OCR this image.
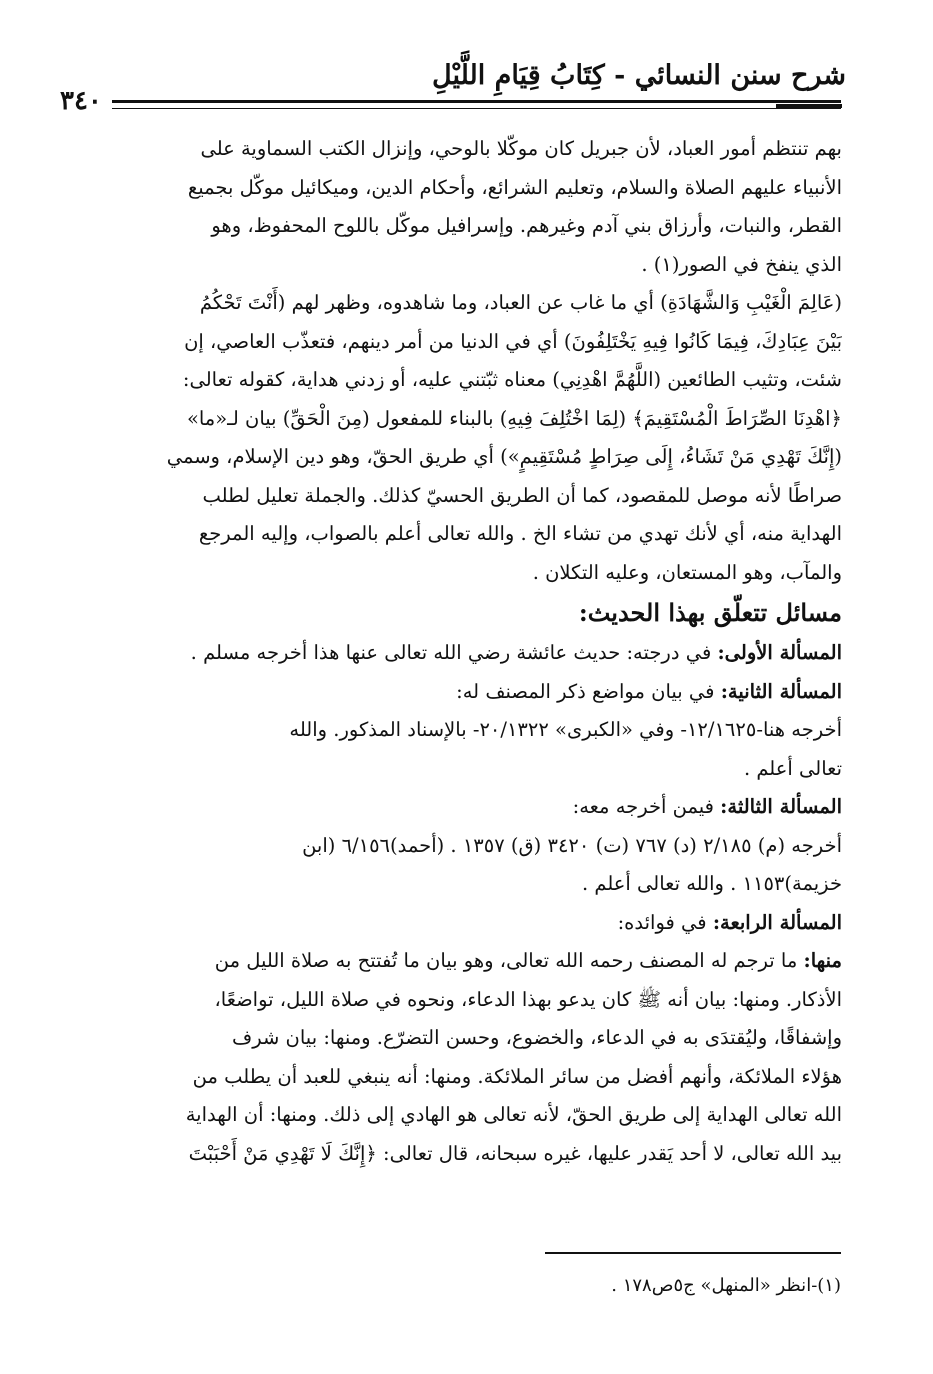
شرح سنن النسائي - كِتَابُ قِيَامِ اللَّيْلِ
٣٤٠
بهم تنتظم أمور العباد، لأن جبريل كان موكّلا بالوحي، وإنزال الكتب السماوية على
الأنبياء عليهم الصلاة والسلام، وتعليم الشرائع، وأحكام الدين، وميكائيل موكّل بجميع
القطر، والنبات، وأرزاق بني آدم وغيرهم. وإسرافيل موكّل باللوح المحفوظ، وهو
الذي ينفخ في الصور(١) .
(عَالِمَ الْغَيْبِ وَالشَّهَادَةِ) أي ما غاب عن العباد، وما شاهدوه، وظهر لهم (أَنْتَ تَحْكُمُ
بَيْنَ عِبَادِكَ، فِيمَا كَانُوا فِيهِ يَخْتَلِفُونَ) أي في الدنيا من أمر دينهم، فتعذّب العاصي، إن
شئت، وتثيب الطائعين (اللَّهُمَّ اهْدِنِي) معناه ثبّتني عليه، أو زدني هداية، كقوله تعالى:
﴿اهْدِنَا الصِّرَاطَ الْمُسْتَقِيمَ﴾ (لِمَا اخْتُلِفَ فِيهِ) بالبناء للمفعول (مِنَ الْحَقِّ) بيان لـ«ما»
(إِنَّكَ تَهْدِي مَنْ تَشَاءُ، إِلَى صِرَاطٍ مُسْتَقِيمٍ») أي طريق الحقّ، وهو دين الإسلام، وسمي
صراطًا لأنه موصل للمقصود، كما أن الطريق الحسيّ كذلك. والجملة تعليل لطلب
الهداية منه، أي لأنك تهدي من تشاء الخ . والله تعالى أعلم بالصواب، وإليه المرجع
والمآب، وهو المستعان، وعليه التكلان .
مسائل تتعلّق بهذا الحديث:
المسألة الأولى: في درجته: حديث عائشة رضي الله تعالى عنها هذا أخرجه مسلم .
المسألة الثانية: في بيان مواضع ذكر المصنف له:
أخرجه هنا-١٢/١٦٢٥- وفي «الكبرى» ٢٠/١٣٢٢- بالإسناد المذكور. والله
تعالى أعلم .
المسألة الثالثة: فيمن أخرجه معه:
أخرجه (م) ٢/١٨٥ (د) ٧٦٧ (ت) ٣٤٢٠ (ق) ١٣٥٧ . (أحمد)٦/١٥٦ (ابن
خزيمة)١١٥٣ . والله تعالى أعلم .
المسألة الرابعة: في فوائده:
منها: ما ترجم له المصنف رحمه الله تعالى، وهو بيان ما تُفتتح به صلاة الليل من
الأذكار. ومنها: بيان أنه ﷺ كان يدعو بهذا الدعاء، ونحوه في صلاة الليل، تواضعًا،
وإشفاقًا، وليُقتدَى به في الدعاء، والخضوع، وحسن التضرّع. ومنها: بيان شرف
هؤلاء الملائكة، وأنهم أفضل من سائر الملائكة. ومنها: أنه ينبغي للعبد أن يطلب من
الله تعالى الهداية إلى طريق الحقّ، لأنه تعالى هو الهادي إلى ذلك. ومنها: أن الهداية
بيد الله تعالى، لا أحد يَقدر عليها، غيره سبحانه، قال تعالى: ﴿إِنَّكَ لَا تَهْدِي مَنْ أَحْبَبْتَ
(١)-انظر «المنهل» ج٥ص١٧٨ .
